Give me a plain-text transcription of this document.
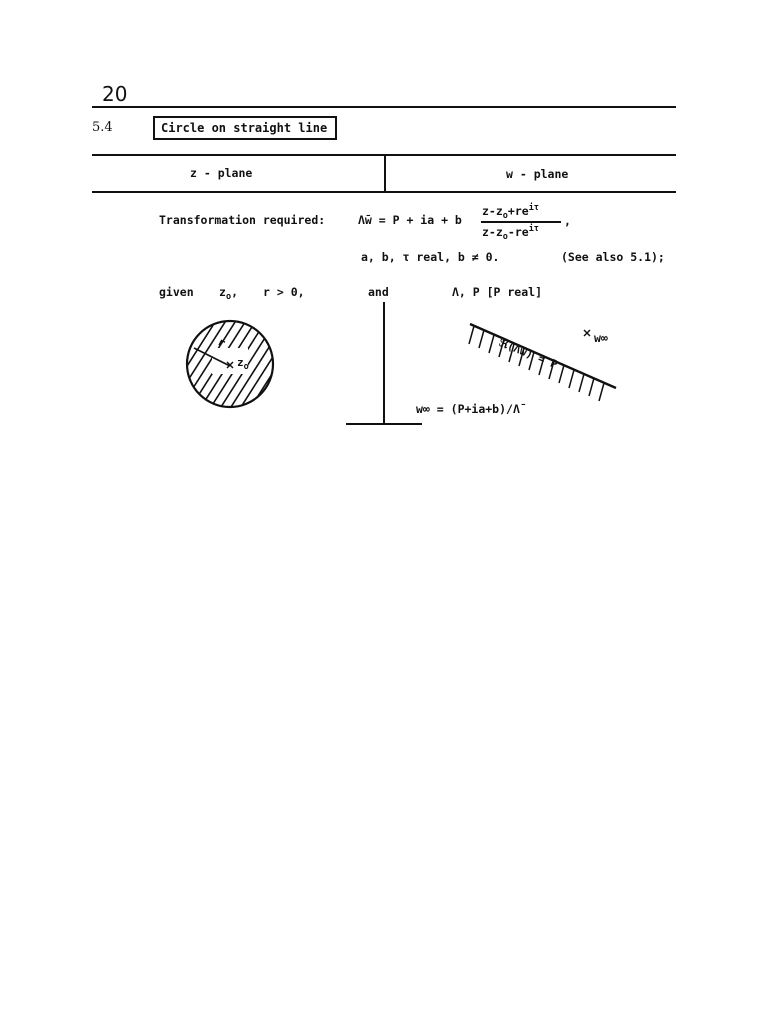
20
5.4	Circle on straight line
z - plane	w - plane
Transformation required:	Λ̄w = P + ia + b
$z-z_o+re^{i\tau}$
$z-z_o-re^{i\tau}$
,
a, b, τ real, b ≠ 0.	(See also 5.1);
given $z_o$, r > 0,	and	Λ, P [P real]
r
$z_o$	ℜ(Λ̄w) = P	w∞
w∞ = (P+ia+b)/Λ̄
